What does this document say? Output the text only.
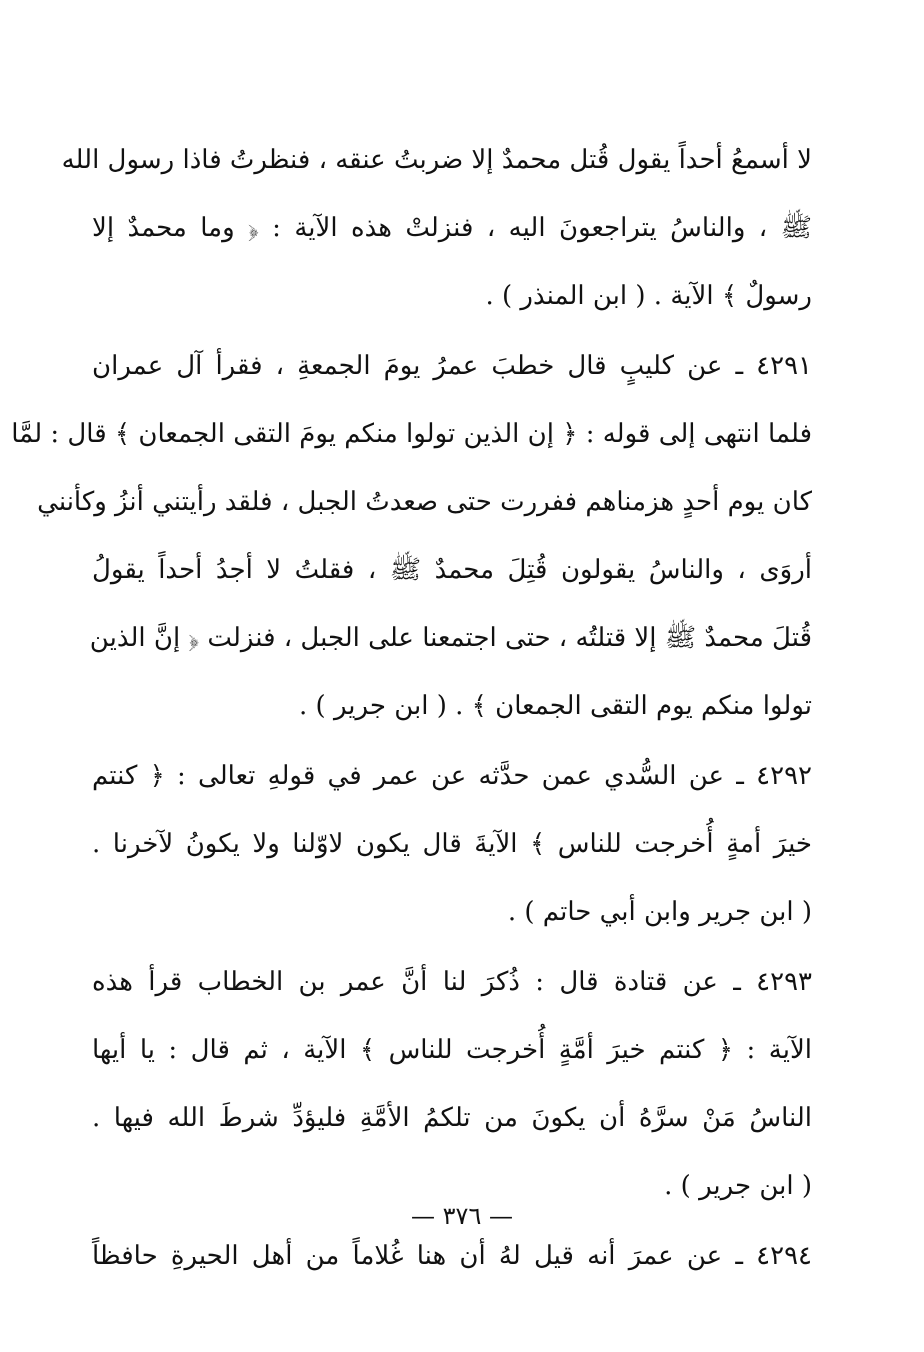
لا أسمعُ أحداً يقول قُتل محمدٌ إلا ضربتُ عنقه ، فنظرتُ فاذا رسول الله
ﷺ ، والناسُ يتراجعونَ اليه ، فنزلتْ هذه الآية : ﴿ وما محمدٌ إلا
رسولٌ ﴾ الآية . ( ابن المنذر ) .
٤٢٩١ ـ عن كليبٍ قال خطبَ عمرُ يومَ الجمعةِ ، فقرأ آل عمران
فلما انتهى إلى قوله : ﴿ إن الذين تولوا منكم يومَ التقى الجمعان ﴾ قال : لمَّا
كان يوم أحدٍ هزمناهم ففررت حتى صعدتُ الجبل ، فلقد رأيتني أنزُ وكأنني
أروَى ، والناسُ يقولون قُتِلَ محمدٌ ﷺ ، فقلتُ لا أجدُ أحداً يقولُ
قُتلَ محمدٌ ﷺ إلا قتلتُه ، حتى اجتمعنا على الجبل ، فنزلت ﴿ إنَّ الذين
تولوا منكم يوم التقى الجمعان ﴾ . ( ابن جرير ) .
٤٢٩٢ ـ عن السُّدي عمن حدَّثه عن عمر في قولهِ تعالى : ﴿ كنتم
خيرَ أمةٍ أُخرجت للناس ﴾ الآيةَ قال يكون لاوّلنا ولا يكونُ لآخرنا .
( ابن جرير وابن أبي حاتم ) .
٤٢٩٣ ـ عن قتادة قال : ذُكرَ لنا أنَّ عمر بن الخطاب قرأ هذه
الآية : ﴿ كنتم خيرَ أمَّةٍ أُخرجت للناس ﴾ الآية ، ثم قال : يا أيها
الناسُ مَنْ سرَّهُ أن يكونَ من تلكمُ الأمَّةِ فليؤدِّ شرطَ الله فيها .
( ابن جرير ) .
٤٢٩٤ ـ عن عمرَ أنه قيل لهُ أن هنا غُلاماً من أهل الحيرةِ حافظاً
— ٣٧٦ —
